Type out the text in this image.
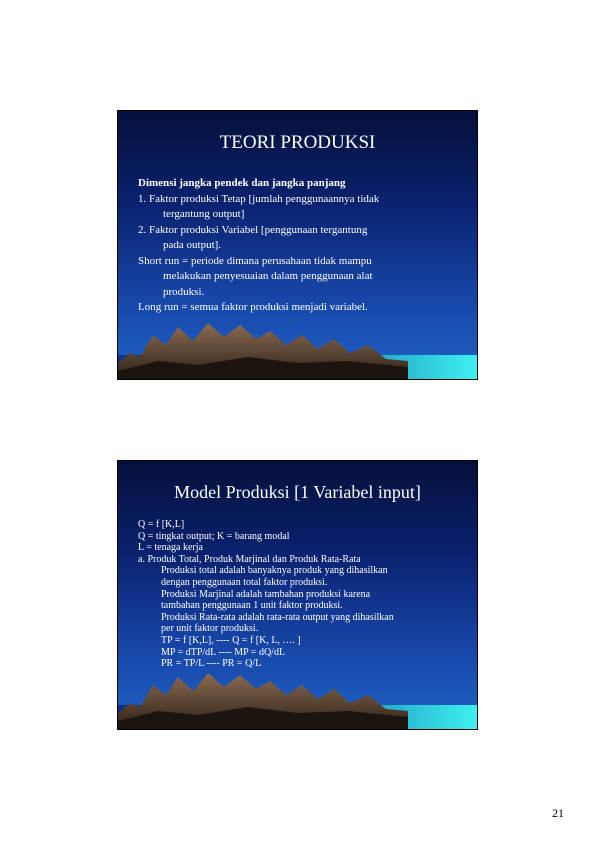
TEORI PRODUKSI
Dimensi jangka pendek dan jangka panjang
1. Faktor produksi Tetap [jumlah penggunaannya tidak
tergantung output]
2. Faktor produksi Variabel [penggunaan tergantung
pada output].
Short run = periode dimana perusahaan tidak mampu
melakukan penyesuaian dalam penggunaan alat
produksi.
Long run = semua faktor produksi menjadi variabel.
Model Produksi [1 Variabel input]
Q = f [K,L]
Q = tingkat output; K = barang modal
L = tenaga kerja
a. Produk Total, Produk Marjinal dan Produk Rata-Rata
Produksi total adalah banyaknya produk yang dihasilkan
dengan penggunaan total faktor produksi.
Produksi Marjinal adalah tambahan produksi karena
tambahan penggunaan 1 unit faktor produksi.
Produksi Rata-rata adalah rata-rata output yang dihasilkan
per unit faktor produksi.
TP = f [K,L], ---- Q = f [K, L, …. ]
MP = dTP/dL ---- MP = dQ/dL
PR = TP/L ---- PR = Q/L
21
